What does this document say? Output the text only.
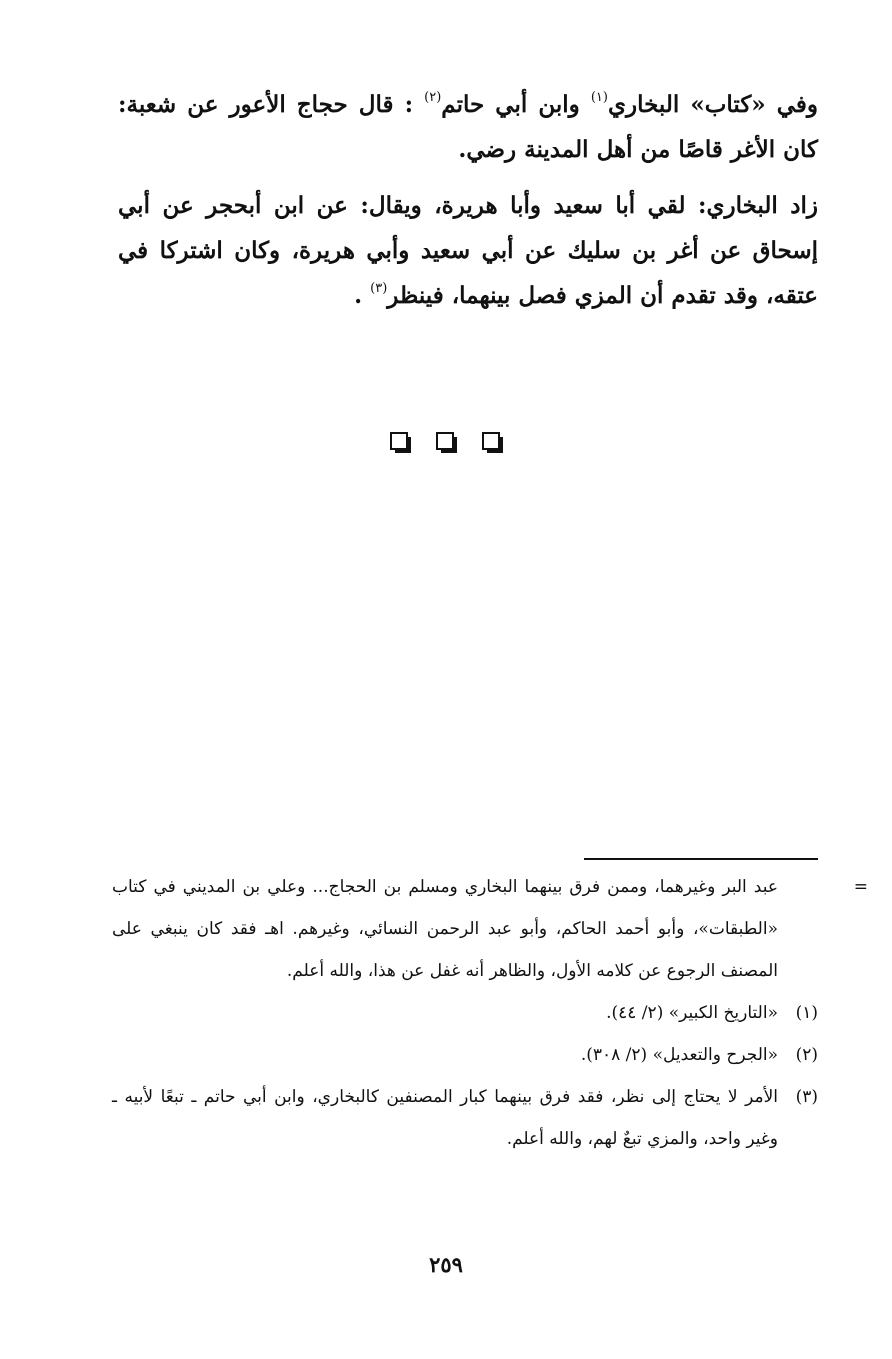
وفي «كتاب» البخاري$^{(١)}$ وابن أبي حاتم$^{(٢)}$ : قال حجاج الأعور عن شعبة: كان الأغر قاصًا من أهل المدينة رضي.

زاد البخاري: لقي أبا سعيد وأبا هريرة، ويقال: عن ابن أبحجر عن أبي إسحاق عن أغر بن سليك عن أبي سعيد وأبي هريرة، وكان اشتركا في عتقه، وقد تقدم أن المزي فصل بينهما، فينظر$^{(٣)}$ .

=
عبد البر وغيرهما، وممن فرق بينهما البخاري ومسلم بن الحجاج... وعلي بن المديني في كتاب «الطبقات»، وأبو أحمد الحاكم، وأبو عبد الرحمن النسائي، وغيرهم. اهـ فقد كان ينبغي على المصنف الرجوع عن كلامه الأول، والظاهر أنه غفل عن هذا، والله أعلم.
(١)
«التاريخ الكبير» (٢/ ٤٤).
(٢)
«الجرح والتعديل» (٢/ ٣٠٨).
(٣)
الأمر لا يحتاج إلى نظر، فقد فرق بينهما كبار المصنفين كالبخاري، وابن أبي حاتم ـ تبعًا لأبيه ـ وغير واحد، والمزي تبعٌ لهم، والله أعلم.
٢٥٩
